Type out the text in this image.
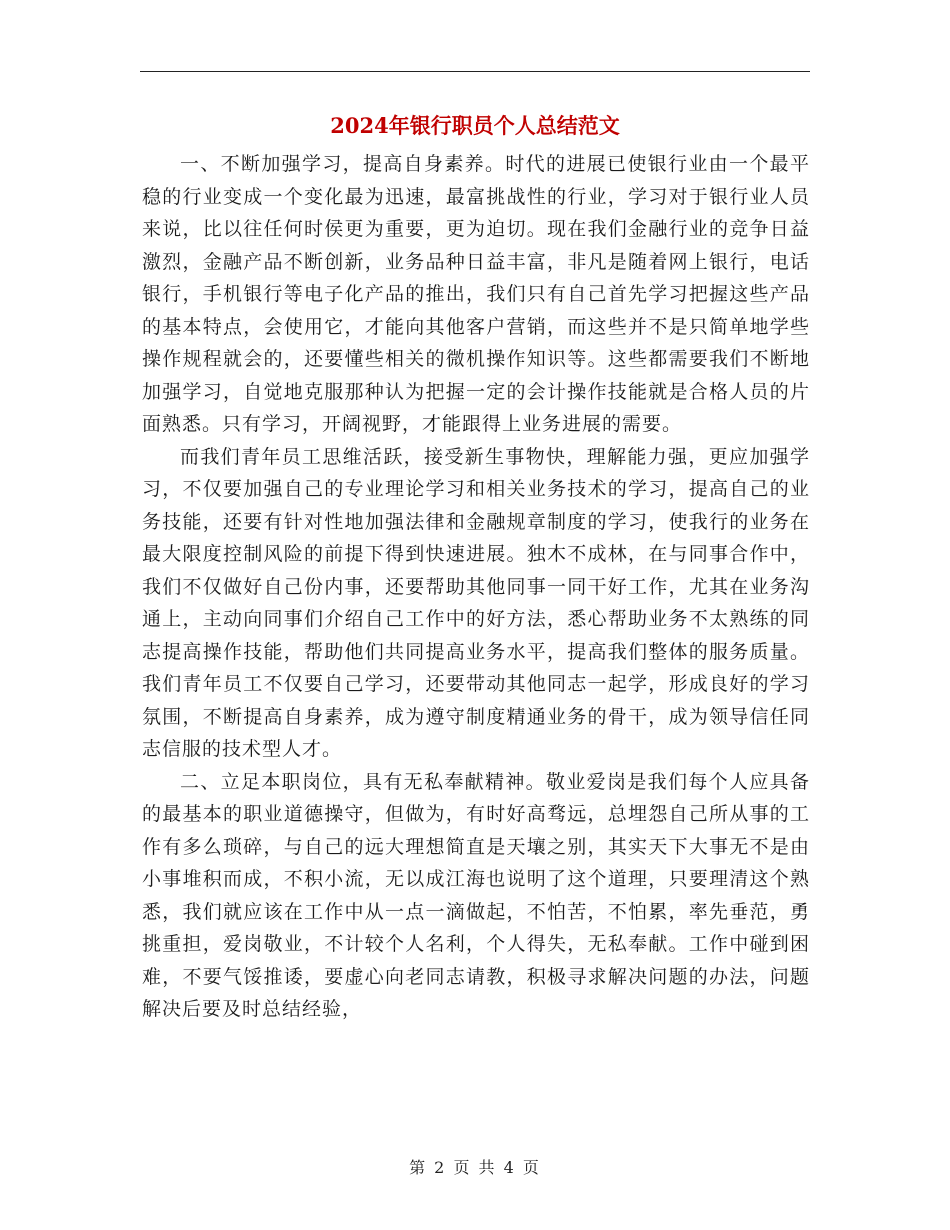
2024年银行职员个人总结范文

一、不断加强学习，提高自身素养。时代的进展已使银行业由一个最平稳的行业变成一个变化最为迅速，最富挑战性的行业，学习对于银行业人员来说，比以往任何时侯更为重要，更为迫切。现在我们金融行业的竞争日益激烈，金融产品不断创新，业务品种日益丰富，非凡是随着网上银行，电话银行，手机银行等电子化产品的推出，我们只有自己首先学习把握这些产品的基本特点，会使用它，才能向其他客户营销，而这些并不是只简单地学些操作规程就会的，还要懂些相关的微机操作知识等。这些都需要我们不断地加强学习，自觉地克服那种认为把握一定的会计操作技能就是合格人员的片面熟悉。只有学习，开阔视野，才能跟得上业务进展的需要。

而我们青年员工思维活跃，接受新生事物快，理解能力强，更应加强学习，不仅要加强自己的专业理论学习和相关业务技术的学习，提高自己的业务技能，还要有针对性地加强法律和金融规章制度的学习，使我行的业务在最大限度控制风险的前提下得到快速进展。独木不成林，在与同事合作中，我们不仅做好自己份内事，还要帮助其他同事一同干好工作，尤其在业务沟通上，主动向同事们介绍自己工作中的好方法，悉心帮助业务不太熟练的同志提高操作技能，帮助他们共同提高业务水平，提高我们整体的服务质量。我们青年员工不仅要自己学习，还要带动其他同志一起学，形成良好的学习氛围，不断提高自身素养，成为遵守制度精通业务的骨干，成为领导信任同志信服的技术型人才。

二、立足本职岗位，具有无私奉献精神。敬业爱岗是我们每个人应具备的最基本的职业道德操守，但做为，有时好高骛远，总埋怨自己所从事的工作有多么琐碎，与自己的远大理想简直是天壤之别，其实天下大事无不是由小事堆积而成，不积小流，无以成江海也说明了这个道理，只要理清这个熟悉，我们就应该在工作中从一点一滴做起，不怕苦，不怕累，率先垂范，勇挑重担，爱岗敬业，不计较个人名利，个人得失，无私奉献。工作中碰到困难，不要气馁推诿，要虚心向老同志请教，积极寻求解决问题的办法，问题解决后要及时总结经验，

第 2 页 共 4 页
